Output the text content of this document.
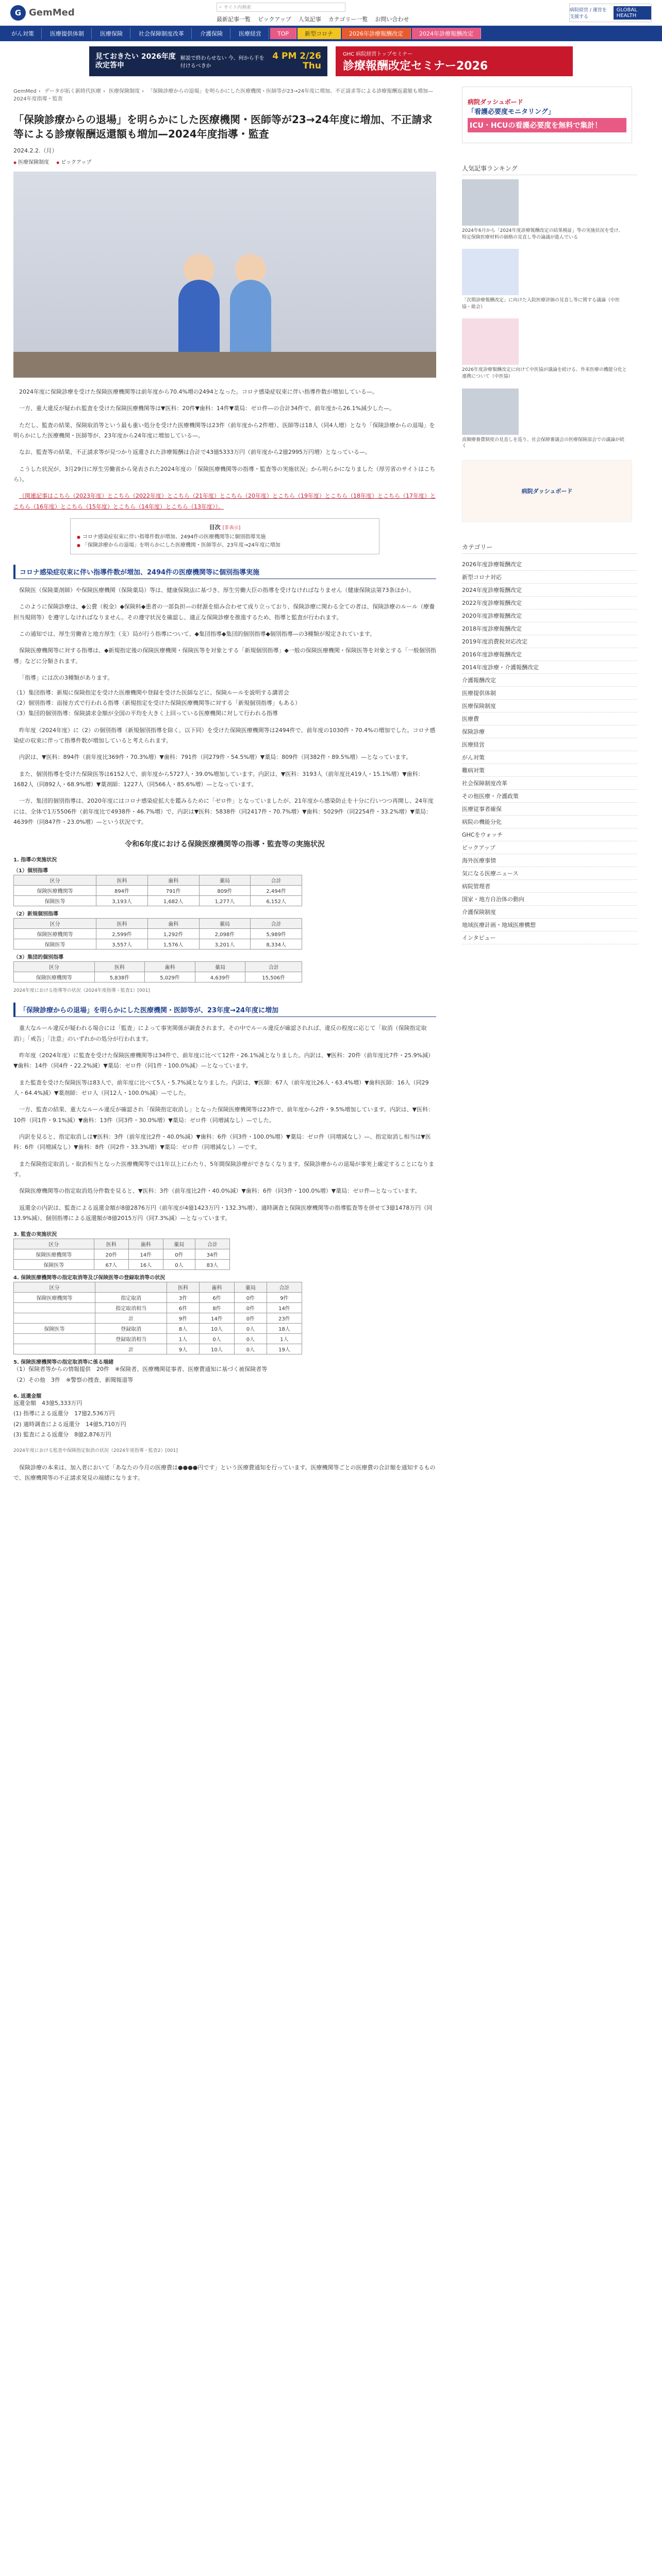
G GemMed
⌕ サイト内検索
最新記事一覧 ピックアップ 人気記事 カテゴリー一覧 お問い合わせ
病院経営 / 運営を支援する
GLOBAL HEALTH
がん対策	医療提供体制	医療保険	社会保障制度改革	介護保険	医療経営	TOP	新型コロナ	2026年診療報酬改定	2024年診療報酬改定
見ておきたい 2026年度 改定答申
解説で終わらせない 今、何から手を付けるべきか
4 PM 2/26 Thu
GHC 病院経営トップセミナー
診療報酬改定セミナー2026
GemMed › データが拓く新時代医療 › 医療保険制度 › 「保険診療からの退場」を明らかにした医療機関・医師等が23→24年度に増加、不正請求等による診療報酬返還額も増加—2024年度指導・監査
「保険診療からの退場」を明らかにした医療機関・医師等が23→24年度に増加、不正請求等による診療報酬返還額も増加—2024年度指導・監査
2024.2.2.（月）
◆ 医療保険制度	◆ ピックアップ

2024年度に保険診療を受けた保険医療機関等は前年度から70.4%増の2494となった。コロナ感染症収束に伴い指導件数が増加している—。

一方、重大違反が疑われ監査を受けた保険医療機関等は▼医科：20件▼歯科：14件▼薬局：ゼロ件—の合計34件で、前年度から26.1%減少した—。

ただし、監査の結果、保険取消等という最も重い処分を受けた医療機関等は23件（前年度から2件増）、医師等は18人（同4人増）となり「保険診療からの退場」を明らかにした医療機関・医師等が、23年度から24年度に増加している—。

なお、監査等の結果、不正請求等が見つかり返還された診療報酬は合計で43億5333万円（前年度から2億2995万円増）となっている—。

こうした状況が、3月29日に厚生労働省から発表された2024年度の「保険医療機関等の指導・監査等の実施状況」から明らかになりました（厚労省のサイトはこちら）。

（関連記事はこちら（2023年度）とこちら（2022年度）とこちら（21年度）とこちら（20年度）とこちら（19年度）とこちら（18年度）とこちら（17年度）とこちら（16年度）とこちら（15年度）とこちら（14年度）とこちら（13年度））。

目次 [非表示]
● コロナ感染症収束に伴い指導件数が増加、2494件の医療機関等に個別指導実施
● 「保険診療からの退場」を明らかにした医療機関・医師等が、23年度→24年度に増加
コロナ感染症収束に伴い指導件数が増加、2494件の医療機関等に個別指導実施

保険医（保険薬剤師）や保険医療機関（保険薬局）等は、健康保険法に基づき、厚生労働大臣の指導を受けなければなりません（健康保険法第73条ほか）。

このように保険診療は、◆公費（税金）◆保険料◆患者の一部負担—の財源を組み合わせて成り立っており、保険診療に関わる全ての者は、保険診療のルール（療養担当規則等）を遵守しなければなりません。その遵守状況を確認し、適正な保険診療を推進するため、指導と監査が行われます。

この通知では、厚生労働省と地方厚生（支）局が行う指導について、◆集団指導◆集団的個別指導◆個別指導—の3種類が規定されています。

保険医療機関等に対する指導は、◆新規指定後の保険医療機関・保険医等を対象とする「新規個別指導」◆一般の保険医療機関・保険医等を対象とする「一般個別指導」などに分類されます。

「指導」には次の3種類があります。

（1）集団指導：新規に保険指定を受けた医療機関や登録を受けた医師などに、保険ルールを説明する講習会
（2）個別指導：面接方式で行われる指導（新規指定を受けた保険医療機関等に対する「新規個別指導」もある）
（3）集団的個別指導：保険請求金額が全国の平均を大きく上回っている医療機関に対して行われる指導

昨年度（2024年度）に（2）の個別指導（新規個別指導を除く。以下同）を受けた保険医療機関等は2494件で、前年度の1030件・70.4%の増加でした。コロナ感染症の収束に伴って指導件数が増加していると考えられます。

内訳は、▼医科：894件（前年度比369件・70.3%増）▼歯科：791件（同279件・54.5%増）▼薬局：809件（同382件・89.5%増）—となっています。

また、個別指導を受けた保険医等は6152人で、前年度から5727人・39.0%増加しています。内訳は、▼医科：3193人（前年度比419人・15.1%増）▼歯科：1682人（同892人・68.9%増）▼薬剤師：1227人（同566人・85.6%増）—となっています。

一方、集団的個別指導は、2020年度にはコロナ感染症拡大を鑑みるために「ゼロ件」となっていましたが、21年度から感染防止を十分に行いつつ再開し、24年度には、全体で1万5506件（前年度比で4938件・46.7%増）で、内訳は▼医科：5838件（同2417件・70.7%増）▼歯科：5029件（同2254件・33.2%増）▼薬局：4639件（同847件・23.0%増）—という状況です。

令和6年度における保険医療機関等の指導・監査等の実施状況
1. 指導の実施状況
（1）個別指導
区分	医科	歯科	薬局	合計
保険医療機関等	894件	791件	809件	2,494件
保険医等	3,193人	1,682人	1,277人	6,152人
（2）新規個別指導
区分	医科	歯科	薬局	合計
保険医療機関等	2,599件	1,292件	2,098件	5,989件
保険医等	3,557人	1,576人	3,201人	8,334人
（3）集団的個別指導
区分	医科	歯科	薬局	合計
保険医療機関等	5,838件	5,029件	4,639件	15,506件
2024年度における指導等の状況（2024年度指導・監査1）[001]
「保険診療からの退場」を明らかにした医療機関・医師等が、23年度→24年度に増加

重大なルール違反が疑われる場合には「監査」によって事実関係が調査されます。その中でルール違反が確認されれば、違反の程度に応じて「取消（保険指定取消）」「戒告」「注意」のいずれかの処分が行われます。

昨年度（2024年度）に監査を受けた保険医療機関等は34件で、前年度に比べて12件・26.1%減となりました。内訳は、▼医科：20件（前年度比7件・25.9%減）▼歯科：14件（同4件・22.2%減）▼薬局：ゼロ件（同1件・100.0%減）—となっています。

また監査を受けた保険医等は83人で、前年度に比べて5人・5.7%減となりました。内訳は、▼医師：67人（前年度比26人・63.4%増）▼歯科医師：16人（同29人・64.4%減）▼薬剤師：ゼロ人（同12人・100.0%減）—でした。

一方、監査の結果、重大なルール違反が確認され「保険指定取消し」となった保険医療機関等は23件で、前年度から2件・9.5%増加しています。内訳は、▼医科：10件（同1件・9.1%減）▼歯科：13件（同3件・30.0%増）▼薬局：ゼロ件（同増減なし）—でした。

内訳を見ると、指定取消しは▼医科：3件（前年度比2件・40.0%減）▼歯科：6件（同3件・100.0%増）▼薬局：ゼロ件（同増減なし）—、指定取消し相当は▼医科：6件（同増減なし）▼歯科：8件（同2件・33.3%増）▼薬局：ゼロ件（同増減なし）—です。

また保険指定取消し・取消相当となった医療機関等では1年以上にわたり、5年間保険診療ができなくなります。保険診療からの退場が事実上確定することになります。

保険医療機関等の指定取消処分件数を見ると、▼医科：3件（前年度比2件・40.0%減）▼歯科：6件（同3件・100.0%増）▼薬局：ゼロ件—となっています。

返還金の内訳は、監査による返還金額が8億2876万円（前年度が4億1423万円・132.3%増）、適時調査と保険医療機関等の指導監査等を併せて3億1478万円（同13.9%減）、個別指導による返還額が8億2015万円（同7.3%減）—となっています。

3. 監査の実施状況
区分	医科	歯科	薬局	合計
保険医療機関等	20件	14件	0件	34件
保険医等	67人	16人	0人	83人
4. 保険医療機関等の指定取消等及び保険医等の登録取消等の状況
区分		医科	歯科	薬局	合計
保険医療機関等	指定取消	3件	6件	0件	9件
	指定取消相当	6件	8件	0件	14件
	計	9件	14件	0件	23件
保険医等	登録取消	8人	10人	0人	18人
	登録取消相当	1人	0人	0人	1人
	計	9人	10人	0人	19人
5. 保険医療機関等の指定取消等に係る端緒
（1）保険者等からの情報提供　20件　※保険者、医療機関従事者、医療費通知に基づく被保険者等
（2）その他　3件　※警察の捜査、新聞報道等
6. 返還金額
返還金額　43億5,333万円
(1) 指導による返還分　17億2,536万円
(2) 適時調査による返還分　14億5,710万円
(3) 監査による返還分　8億2,876万円
2024年度における監査や保険指定取消の状況（2024年度指導・監査2）[001]

保険診療の本来は、加入者において「あなたの今月の医療費は●●●●円です」という医療費通知を行っています。医療機関等ごとの医療費の合計額を通知するもので、医療機関等の不正請求発見の端緒になります。

病院ダッシュボード
「看護必要度モニタリング」
ICU・HCUの看護必要度を無料で集計！
人気記事ランキング
2024年6月から「2024年度診療報酬改定の結果検証」等の実施状況を受け、特定保険医療材料の価格の見直し等の論議が進んでいる
「次期診療報酬改定」に向けた入院医療評価の見直し等に関する議論（中医協・総会）
2026年度診療報酬改定に向けて中医協が議論を続ける、外来医療の機能分化と連携について（中医協）
高額療養費制度の見直しを巡り、社会保障審議会の医療保険部会での議論が続く
病院ダッシュボード
カテゴリー
2026年度診療報酬改定
新型コロナ対応
2024年度診療報酬改定
2022年度診療報酬改定
2020年度診療報酬改定
2018年度診療報酬改定
2019年度消費税対応改定
2016年度診療報酬改定
2014年度診療・介護報酬改定
介護報酬改定
医療提供体制
医療保険制度
医療費
保険診療
医療経営
がん対策
難病対策
社会保障制度改革
その他医療・介護政策
医療従事者確保
病院の機能分化
GHCをウォッチ
ピックアップ
海外医療事情
気になる医療ニュース
病院管理者
国家・地方自治体の動向
介護保険制度
地域医療計画・地域医療構想
インタビュー
